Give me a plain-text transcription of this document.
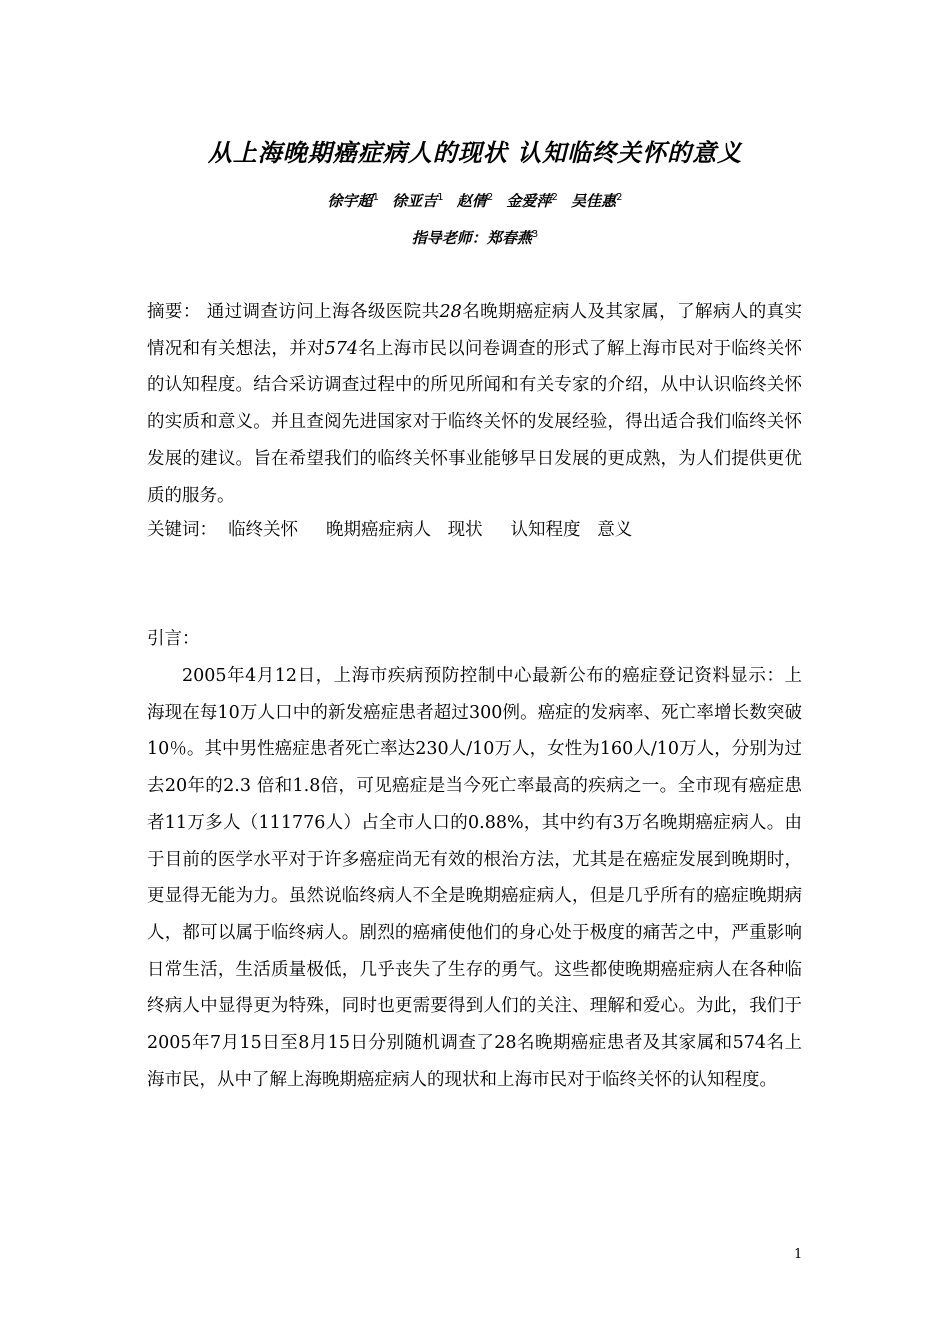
从上海晚期癌症病人的现状 认知临终关怀的意义
徐宇超$^1$ 徐亚吉$^1$ 赵倩$^2$ 金爱萍$^2$ 吴佳惠$^2$
指导老师：郑春燕$^3$
摘要： 通过调查访问上海各级医院共28名晚期癌症病人及其家属，了解病人的真实情况和有关想法，并对574名上海市民以问卷调查的形式了解上海市民对于临终关怀的认知程度。结合采访调查过程中的所见所闻和有关专家的介绍，从中认识临终关怀的实质和意义。并且查阅先进国家对于临终关怀的发展经验，得出适合我们临终关怀发展的建议。旨在希望我们的临终关怀事业能够早日发展的更成熟，为人们提供更优质的服务。
关键词： 临终关怀 晚期癌症病人 现状 认知程度 意义
引言：
2005年4月12日，上海市疾病预防控制中心最新公布的癌症登记资料显示：上海现在每10万人口中的新发癌症患者超过300例。癌症的发病率、死亡率增长数突破10％。其中男性癌症患者死亡率达230人/10万人，女性为160人/10万人，分别为过去20年的2.3 倍和1.8倍，可见癌症是当今死亡率最高的疾病之一。全市现有癌症患者11万多人（111776人）占全市人口的0.88%，其中约有3万名晚期癌症病人。由于目前的医学水平对于许多癌症尚无有效的根治方法，尤其是在癌症发展到晚期时，更显得无能为力。虽然说临终病人不全是晚期癌症病人，但是几乎所有的癌症晚期病人，都可以属于临终病人。剧烈的癌痛使他们的身心处于极度的痛苦之中，严重影响日常生活，生活质量极低，几乎丧失了生存的勇气。这些都使晚期癌症病人在各种临终病人中显得更为特殊，同时也更需要得到人们的关注、理解和爱心。为此，我们于2005年7月15日至8月15日分别随机调查了28名晚期癌症患者及其家属和574名上海市民，从中了解上海晚期癌症病人的现状和上海市民对于临终关怀的认知程度。
1
